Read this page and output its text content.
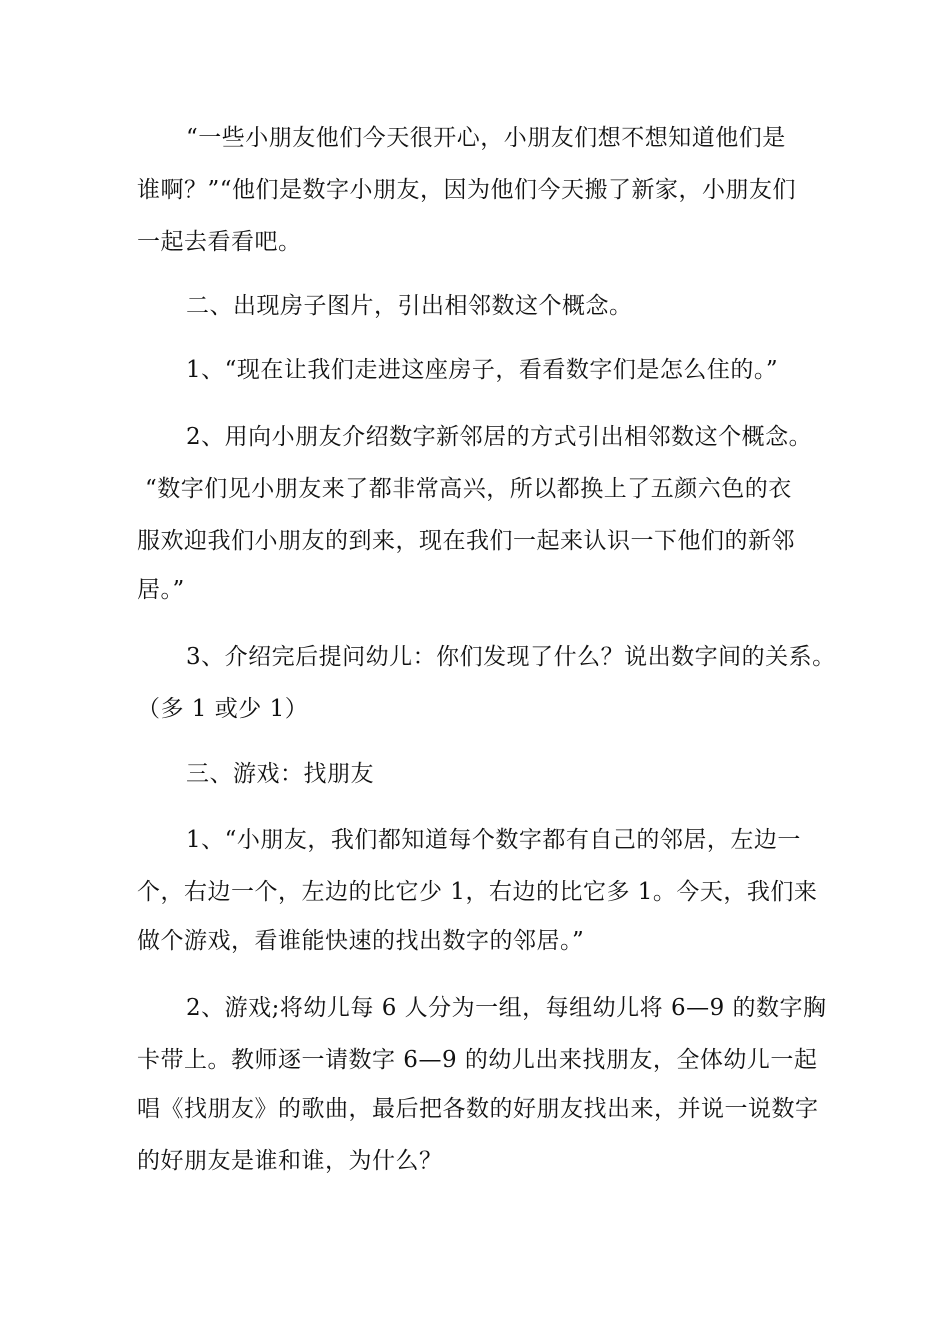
“一些小朋友他们今天很开心，小朋友们想不想知道他们是
谁啊？”“他们是数字小朋友，因为他们今天搬了新家，小朋友们
一起去看看吧。
二、出现房子图片，引出相邻数这个概念。
1、“现在让我们走进这座房子，看看数字们是怎么住的。”
2、用向小朋友介绍数字新邻居的方式引出相邻数这个概念。
“数字们见小朋友来了都非常高兴，所以都换上了五颜六色的衣
服欢迎我们小朋友的到来，现在我们一起来认识一下他们的新邻
居。”
3、介绍完后提问幼儿：你们发现了什么？说出数字间的关系。
（多 1 或少 1）
三、游戏：找朋友
1、“小朋友，我们都知道每个数字都有自己的邻居，左边一
个，右边一个，左边的比它少 1，右边的比它多 1。今天，我们来
做个游戏，看谁能快速的找出数字的邻居。”
2、游戏;将幼儿每 6 人分为一组，每组幼儿将 6—9 的数字胸
卡带上。教师逐一请数字 6—9 的幼儿出来找朋友，全体幼儿一起
唱《找朋友》的歌曲，最后把各数的好朋友找出来，并说一说数字
的好朋友是谁和谁，为什么？
